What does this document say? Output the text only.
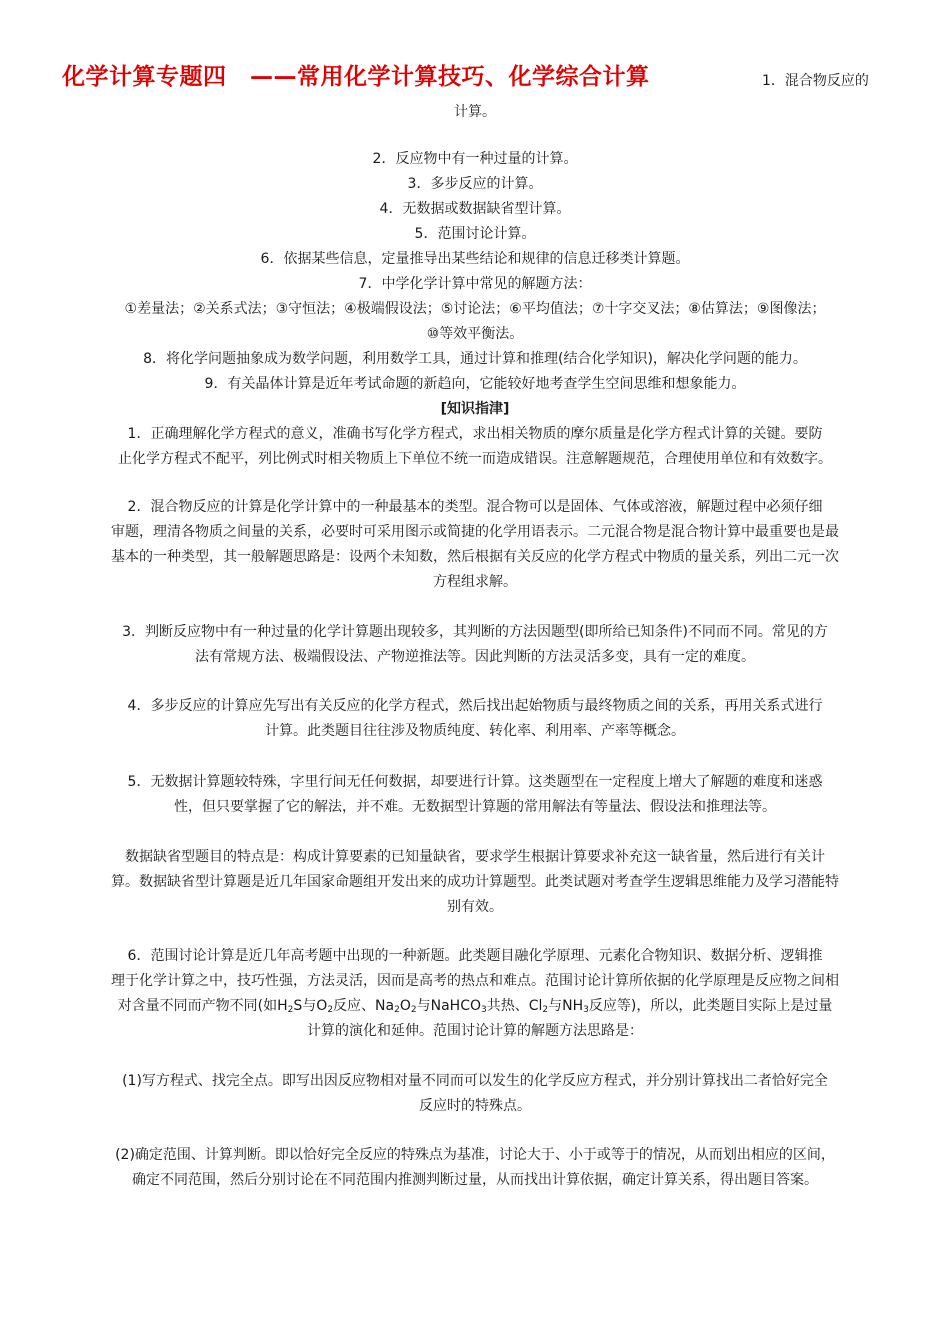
化学计算专题四　——常用化学计算技巧、化学综合计算	1．混合物反应的
计算。
2．反应物中有一种过量的计算。
3．多步反应的计算。
4．无数据或数据缺省型计算。
5．范围讨论计算。
6．依据某些信息，定量推导出某些结论和规律的信息迁移类计算题。
7．中学化学计算中常见的解题方法：
①差量法；②关系式法；③守恒法；④极端假设法；⑤讨论法；⑥平均值法；⑦十字交叉法；⑧估算法；⑨图像法；
⑩等效平衡法。
8．将化学问题抽象成为数学问题，利用数学工具，通过计算和推理(结合化学知识)，解决化学问题的能力。
9．有关晶体计算是近年考试命题的新趋向，它能较好地考查学生空间思维和想象能力。
[知识指津]
1．正确理解化学方程式的意义，准确书写化学方程式，求出相关物质的摩尔质量是化学方程式计算的关键。要防
止化学方程式不配平，列比例式时相关物质上下单位不统一而造成错误。注意解题规范，合理使用单位和有效数字。
2．混合物反应的计算是化学计算中的一种最基本的类型。混合物可以是固体、气体或溶液，解题过程中必须仔细
审题，理清各物质之间量的关系，必要时可采用图示或简捷的化学用语表示。二元混合物是混合物计算中最重要也是最
基本的一种类型，其一般解题思路是：设两个未知数，然后根据有关反应的化学方程式中物质的量关系，列出二元一次
方程组求解。
3．判断反应物中有一种过量的化学计算题出现较多，其判断的方法因题型(即所给已知条件)不同而不同。常见的方
法有常规方法、极端假设法、产物逆推法等。因此判断的方法灵活多变，具有一定的难度。
4．多步反应的计算应先写出有关反应的化学方程式，然后找出起始物质与最终物质之间的关系，再用关系式进行
计算。此类题目往往涉及物质纯度、转化率、利用率、产率等概念。
5．无数据计算题较特殊，字里行间无任何数据，却要进行计算。这类题型在一定程度上增大了解题的难度和迷惑
性，但只要掌握了它的解法，并不难。无数据型计算题的常用解法有等量法、假设法和推理法等。
数据缺省型题目的特点是：构成计算要素的已知量缺省，要求学生根据计算要求补充这一缺省量，然后进行有关计
算。数据缺省型计算题是近几年国家命题组开发出来的成功计算题型。此类试题对考查学生逻辑思维能力及学习潜能特
别有效。
6．范围讨论计算是近几年高考题中出现的一种新题。此类题目融化学原理、元素化合物知识、数据分析、逻辑推
理于化学计算之中，技巧性强，方法灵活，因而是高考的热点和难点。范围讨论计算所依据的化学原理是反应物之间相
对含量不同而产物不同(如$H_2S$与$O_2$反应、$Na_2O_2$与NaHCO$_3$共热、$Cl_2$与$NH_3$反应等)，所以，此类题目实际上是过量
计算的演化和延伸。范围讨论计算的解题方法思路是：
(1)写方程式、找完全点。即写出因反应物相对量不同而可以发生的化学反应方程式，并分别计算找出二者恰好完全
反应时的特殊点。
(2)确定范围、计算判断。即以恰好完全反应的特殊点为基准，讨论大于、小于或等于的情况，从而划出相应的区间，
确定不同范围，然后分别讨论在不同范围内推测判断过量，从而找出计算依据，确定计算关系，得出题目答案。
